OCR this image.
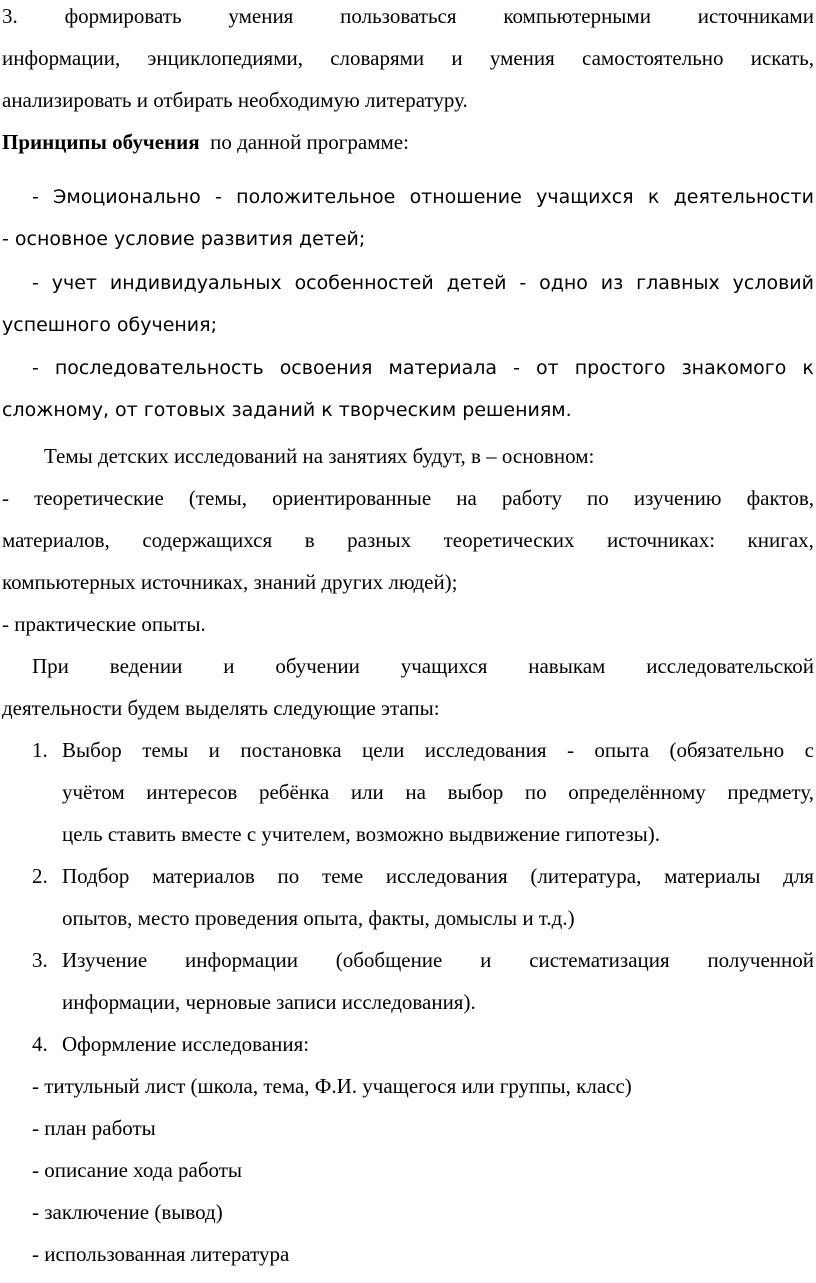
3. формировать умения пользоваться компьютерными источниками
информации, энциклопедиями, словарями и умения самостоятельно искать,
анализировать и отбирать необходимую литературу.
Принципы обучения по данной программе:
- Эмоционально - положительное отношение учащихся к деятельности
- основное условие развития детей;
- учет индивидуальных особенностей детей - одно из главных условий
успешного обучения;
- последовательность освоения материала - от простого знакомого к
сложному, от готовых заданий к творческим решениям.
Темы детских исследований на занятиях будут, в – основном:
- теоретические (темы, ориентированные на работу по изучению фактов,
материалов, содержащихся в разных теоретических источниках: книгах,
компьютерных источниках, знаний других людей);
- практические опыты.
При ведении и обучении учащихся навыкам исследовательской
деятельности будем выделять следующие этапы:
1. Выбор темы и постановка цели исследования - опыта (обязательно с
учётом интересов ребёнка или на выбор по определённому предмету,
цель ставить вместе с учителем, возможно выдвижение гипотезы).
2. Подбор материалов по теме исследования (литература, материалы для
опытов, место проведения опыта, факты, домыслы и т.д.)
3. Изучение информации (обобщение и систематизация полученной
информации, черновые записи исследования).
4. Оформление исследования:
- титульный лист (школа, тема, Ф.И. учащегося или группы, класс)
- план работы
- описание хода работы
- заключение (вывод)
- использованная литература
